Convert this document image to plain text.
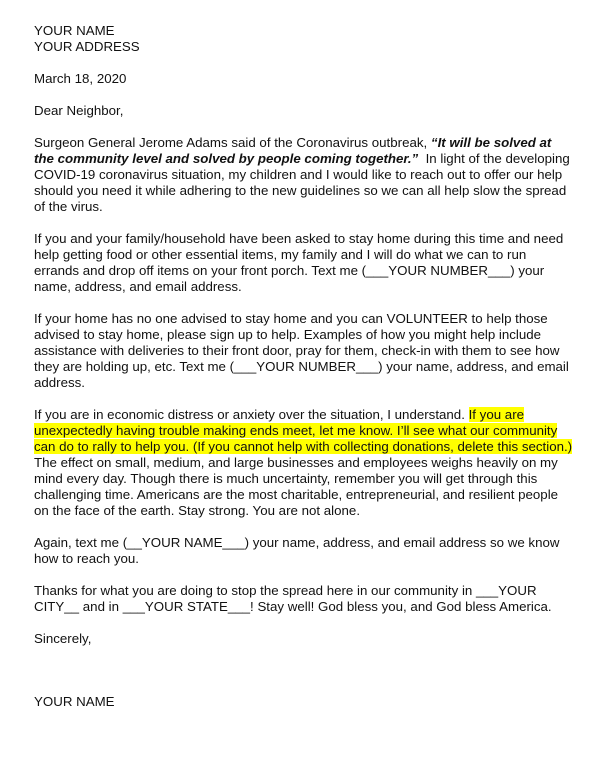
YOUR NAME

YOUR ADDRESS

March 18, 2020

Dear Neighbor,

Surgeon General Jerome Adams said of the Coronavirus outbreak, “It will be solved at the community level and solved by people coming together.”  In light of the developing COVID-19 coronavirus situation, my children and I would like to reach out to offer our help should you need it while adhering to the new guidelines so we can all help slow the spread of the virus.

If you and your family/household have been asked to stay home during this time and need help getting food or other essential items, my family and I will do what we can to run errands and drop off items on your front porch. Text me (___YOUR NUMBER___) your name, address, and email address.

If your home has no one advised to stay home and you can VOLUNTEER to help those advised to stay home, please sign up to help. Examples of how you might help include assistance with deliveries to their front door, pray for them, check-in with them to see how they are holding up, etc. Text me (___YOUR NUMBER___) your name, address, and email address.

If you are in economic distress or anxiety over the situation, I understand. If you are unexpectedly having trouble making ends meet, let me know. I’ll see what our community can do to rally to help you. (If you cannot help with collecting donations, delete this section.) The effect on small, medium, and large businesses and employees weighs heavily on my mind every day. Though there is much uncertainty, remember you will get through this challenging time. Americans are the most charitable, entrepreneurial, and resilient people on the face of the earth. Stay strong. You are not alone.

Again, text me (__YOUR NAME___) your name, address, and email address so we know how to reach you.

Thanks for what you are doing to stop the spread here in our community in ___YOUR CITY__ and in ___YOUR STATE___! Stay well! God bless you, and God bless America.

Sincerely,

YOUR NAME
